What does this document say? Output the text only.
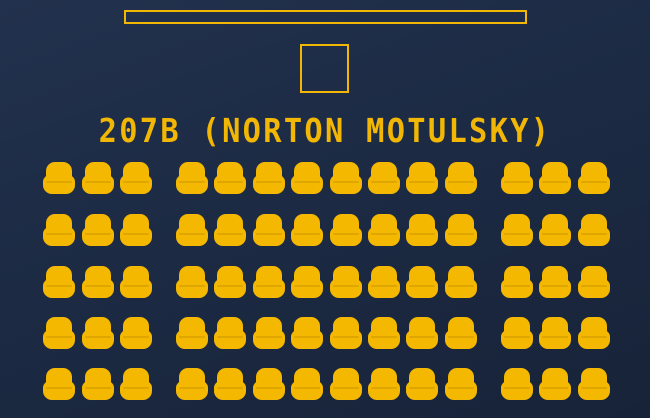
207B (NORTON MOTULSKY)
